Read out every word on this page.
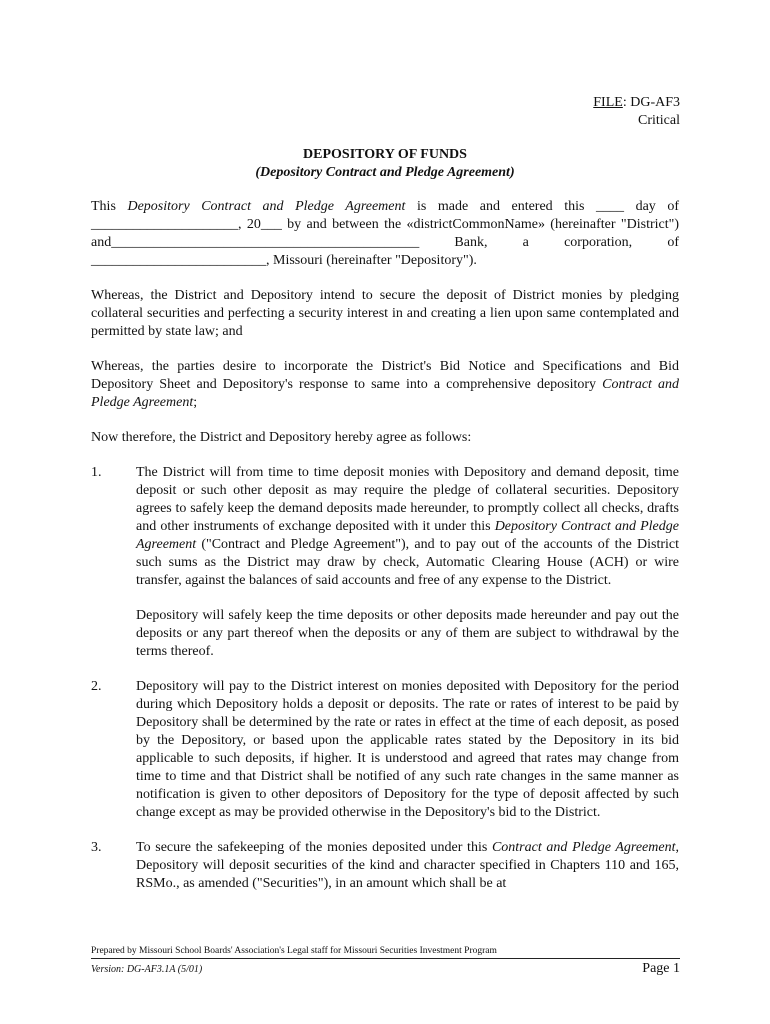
FILE: DG-AF3
Critical
DEPOSITORY OF FUNDS
(Depository Contract and Pledge Agreement)

This Depository Contract and Pledge Agreement is made and entered this ____ day of _____________________, 20___ by and between the «districtCommonName» (hereinafter "District") and____________________________________________ Bank, a corporation, of _________________________, Missouri (hereinafter "Depository").

Whereas, the District and Depository intend to secure the deposit of District monies by pledging collateral securities and perfecting a security interest in and creating a lien upon same contemplated and permitted by state law; and

Whereas, the parties desire to incorporate the District's Bid Notice and Specifications and Bid Depository Sheet and Depository's response to same into a comprehensive depository Contract and Pledge Agreement;

Now therefore, the District and Depository hereby agree as follows:

1.	The District will from time to time deposit monies with Depository and demand deposit, time deposit or such other deposit as may require the pledge of collateral securities. Depository agrees to safely keep the demand deposits made hereunder, to promptly collect all checks, drafts and other instruments of exchange deposited with it under this Depository Contract and Pledge Agreement ("Contract and Pledge Agreement"), and to pay out of the accounts of the District such sums as the District may draw by check, Automatic Clearing House (ACH) or wire transfer, against the balances of said accounts and free of any expense to the District.

Depository will safely keep the time deposits or other deposits made hereunder and pay out the deposits or any part thereof when the deposits or any of them are subject to withdrawal by the terms thereof.

2.	Depository will pay to the District interest on monies deposited with Depository for the period during which Depository holds a deposit or deposits. The rate or rates of interest to be paid by Depository shall be determined by the rate or rates in effect at the time of each deposit, as posed by the Depository, or based upon the applicable rates stated by the Depository in its bid applicable to such deposits, if higher. It is understood and agreed that rates may change from time to time and that District shall be notified of any such rate changes in the same manner as notification is given to other depositors of Depository for the type of deposit affected by such change except as may be provided otherwise in the Depository's bid to the District.

3.	To secure the safekeeping of the monies deposited under this Contract and Pledge Agreement, Depository will deposit securities of the kind and character specified in Chapters 110 and 165, RSMo., as amended ("Securities"), in an amount which shall be at

Prepared by Missouri School Boards' Association's Legal staff for Missouri Securities Investment Program
Version: DG-AF3.1A (5/01)	Page 1
